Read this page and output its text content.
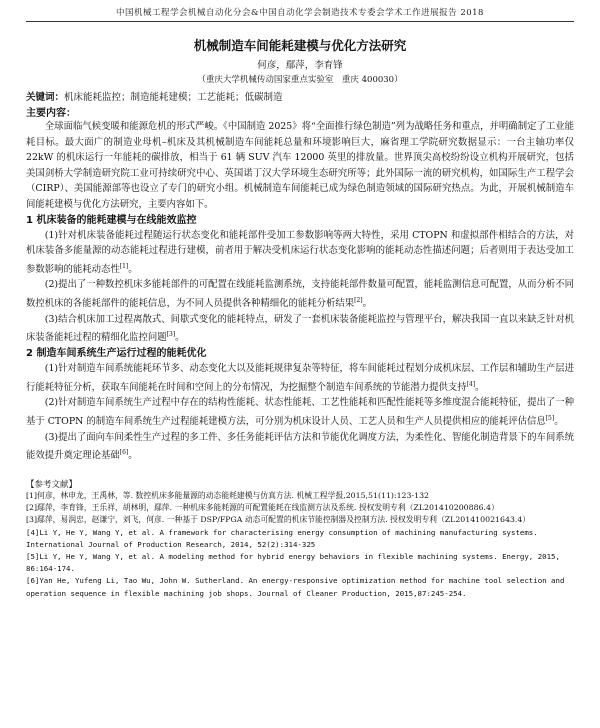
中国机械工程学会机械自动化分会&中国自动化学会制造技术专委会学术工作进展报告 2018
机械制造车间能耗建模与优化方法研究
何彦，鄢萍，李育锋
（重庆大学机械传动国家重点实验室　重庆 400030）
关键词：机床能耗监控；制造能耗建模；工艺能耗；低碳制造
主要内容：

全球面临气候变暖和能源危机的形式严峻。《中国制造 2025》将“全面推行绿色制造”列为战略任务和重点，并明确制定了工业能耗目标。最大面广的制造业母机–机床及其机械制造车间能耗总量和环境影响巨大，麻省理工学院研究数据显示：一台主轴功率仅 22kW 的机床运行一年能耗的碳排放，相当于 61 辆 SUV 汽车 12000 英里的排放量。世界顶尖高校纷纷设立机构开展研究，包括美国剑桥大学制造研究院工业可持续研究中心、英国诺丁汉大学环境生态研究所等；此外国际一流的研究机构，如国际生产工程学会（CIRP）、美国能源部等也设立了专门的研究小组。机械制造车间能耗已成为绿色制造领域的国际研究热点。为此，开展机械制造车间能耗建模与优化方法研究，主要内容如下。

1 机床装备的能耗建模与在线能效监控

(1)针对机床装备能耗过程随运行状态变化和能耗部件受加工参数影响等两大特性，采用 CTOPN 和虚拟部件相结合的方法，对机床装备多能量源的动态能耗过程进行建模，前者用于解决受机床运行状态变化影响的能耗动态性描述问题；后者则用于表达受加工参数影响的能耗动态性[1]。

(2)提出了一种数控机床多能耗部件的可配置在线能耗监测系统，支持能耗部件数量可配置，能耗监测信息可配置，从而分析不同数控机床的各能耗部件的能耗信息，为不同人员提供各种精细化的能耗分析结果[2]。

(3)结合机床加工过程离散式、间歇式变化的能耗特点，研发了一套机床装备能耗监控与管理平台，解决我国一直以来缺乏针对机床装备能耗过程的精细化监控问题[3]。

2 制造车间系统生产运行过程的能耗优化

(1)针对制造车间系统能耗环节多、动态变化大以及能耗规律复杂等特征，将车间能耗过程划分成机床层、工作层和辅助生产层进行能耗特征分析，获取车间能耗在时间和空间上的分布情况，为挖掘整个制造车间系统的节能潜力提供支持[4]。

(2)针对制造车间系统生产过程中存在的结构性能耗、状态性能耗、工艺性能耗和匹配性能耗等多维度混合能耗特征，提出了一种基于 CTOPN 的制造车间系统生产过程能耗建模方法，可分别为机床设计人员、工艺人员和生产人员提供相应的能耗评估信息[5]。

(3)提出了面向车间柔性生产过程的多工件、多任务能耗评估方法和节能优化调度方法，为柔性化、智能化制造背景下的车间系统能效提升奠定理论基础[6]。

【参考文献】
[1]何彦，林申龙，王禹林，等. 数控机床多能量源的动态能耗建模与仿真方法. 机械工程学报,2015,51(11):123-132
[2]鄢萍，李育锋，王乐祥，胡林明，鄢萍. 一种机床多能耗源的可配置能耗在线监测方法及系统. 授权发明专利（ZL201410200886.4）
[3]鄢萍，易润忠，赵谦宁，刘飞，何彦. 一种基于 DSP/FPGA 动态可配置的机床节能控制器及控制方法. 授权发明专利（ZL201410021643.4）
[4]Li Y, He Y, Wang Y, et al. A framework for characterising energy consumption of machining manufacturing systems. International Journal of Production Research, 2014, 52(2):314-325
[5]Li Y, He Y, Wang Y, et al. A modeling method for hybrid energy behaviors in flexible machining systems. Energy, 2015, 86:164-174.
[6]Yan He, Yufeng Li, Tao Wu, John W. Sutherland. An energy-responsive optimization method for machine tool selection and operation sequence in flexible machining job shops. Journal of Cleaner Production, 2015,87:245-254.
